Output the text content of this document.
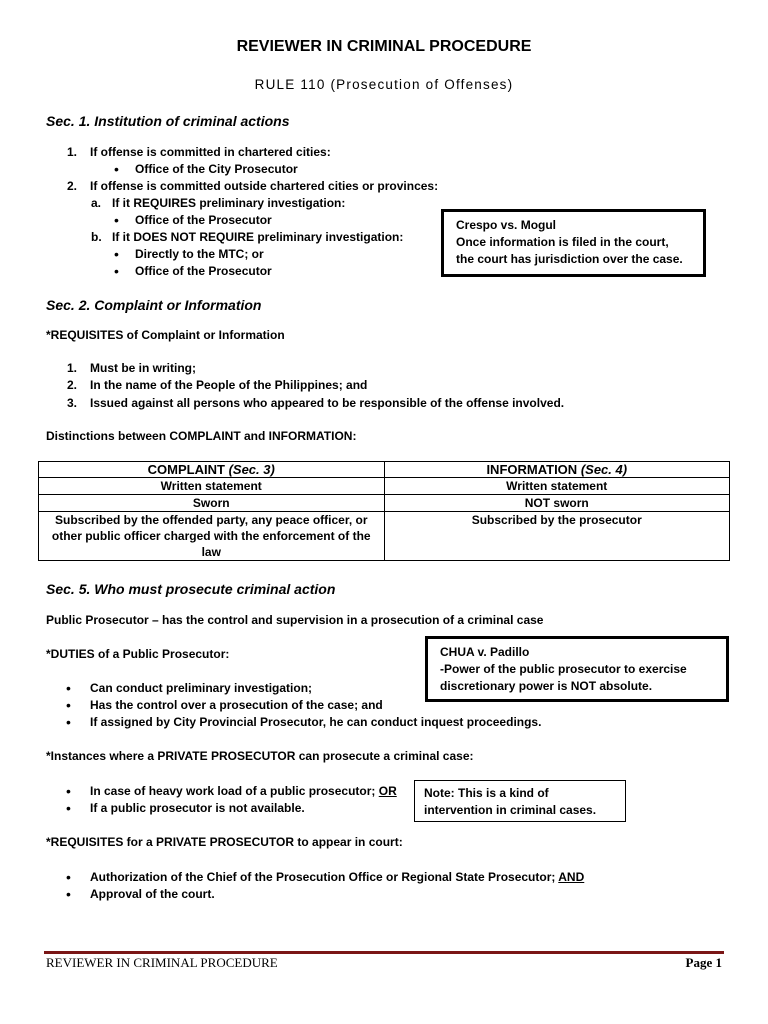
REVIEWER IN CRIMINAL PROCEDURE
RULE 110 (Prosecution of Offenses)
Sec. 1. Institution of criminal actions
1. If offense is committed in chartered cities:
• Office of the City Prosecutor
2. If offense is committed outside chartered cities or provinces:
a. If it REQUIRES preliminary investigation:
• Office of the Prosecutor
b. If it DOES NOT REQUIRE preliminary investigation:
• Directly to the MTC; or
• Office of the Prosecutor
Crespo vs. Mogul
Once information is filed in the court,
the court has jurisdiction over the case.
Sec. 2. Complaint or Information
*REQUISITES of Complaint or Information
1. Must be in writing;
2. In the name of the People of the Philippines; and
3. Issued against all persons who appeared to be responsible of the offense involved.
Distinctions between COMPLAINT and INFORMATION:
COMPLAINT (Sec. 3)	INFORMATION (Sec. 4)
Written statement	Written statement
Sworn	NOT sworn
Subscribed by the offended party, any peace officer, or other public officer charged with the enforcement of the law	Subscribed by the prosecutor
Sec. 5. Who must prosecute criminal action
Public Prosecutor – has the control and supervision in a prosecution of a criminal case
*DUTIES of a Public Prosecutor:
• Can conduct preliminary investigation;
• Has the control over a prosecution of the case; and
• If assigned by City Provincial Prosecutor, he can conduct inquest proceedings.
CHUA v. Padillo
-Power of the public prosecutor to exercise
discretionary power is NOT absolute.
*Instances where a PRIVATE PROSECUTOR can prosecute a criminal case:
• In case of heavy work load of a public prosecutor; OR
• If a public prosecutor is not available.
Note: This is a kind of
intervention in criminal cases.
*REQUISITES for a PRIVATE PROSECUTOR to appear in court:
• Authorization of the Chief of the Prosecution Office or Regional State Prosecutor; AND
• Approval of the court.
REVIEWER IN CRIMINAL PROCEDURE	Page 1
